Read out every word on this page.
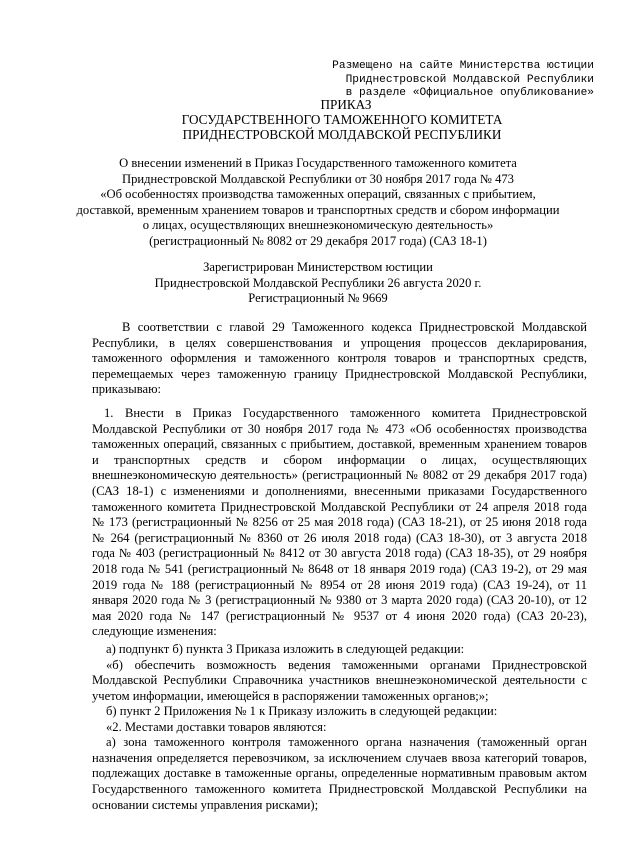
Размещено на сайте Министерства юстиции
Приднестровской Молдавской Республики
в разделе «Официальное опубликование»
ПРИКАЗ
ГОСУДАРСТВЕННОГО ТАМОЖЕННОГО КОМИТЕТА
ПРИДНЕСТРОВСКОЙ МОЛДАВСКОЙ РЕСПУБЛИКИ
О внесении изменений в Приказ Государственного таможенного комитета
Приднестровской Молдавской Республики от 30 ноября 2017 года № 473
«Об особенностях производства таможенных операций, связанных с прибытием,
доставкой, временным хранением товаров и транспортных средств и сбором информации
о лицах, осуществляющих внешнеэкономическую деятельность»
(регистрационный № 8082 от 29 декабря 2017 года) (САЗ 18-1)
Зарегистрирован Министерством юстиции
Приднестровской Молдавской Республики 26 августа 2020 г.
Регистрационный № 9669
В соответствии с главой 29 Таможенного кодекса Приднестровской Молдавской
Республики, в целях совершенствования и упрощения процессов декларирования,
таможенного оформления и таможенного контроля товаров и транспортных средств,
перемещаемых через таможенную границу Приднестровской Молдавской Республики,
приказываю:
1. Внести в Приказ Государственного таможенного комитета Приднестровской
Молдавской Республики от 30 ноября 2017 года № 473 «Об особенностях производства
таможенных операций, связанных с прибытием, доставкой, временным хранением товаров
и транспортных средств и сбором информации о лицах, осуществляющих
внешнеэкономическую деятельность» (регистрационный № 8082 от 29 декабря 2017 года)
(САЗ 18-1) с изменениями и дополнениями, внесенными приказами Государственного
таможенного комитета Приднестровской Молдавской Республики от 24 апреля 2018 года
№ 173 (регистрационный № 8256 от 25 мая 2018 года) (САЗ 18-21), от 25 июня 2018 года
№ 264 (регистрационный № 8360 от 26 июля 2018 года) (САЗ 18-30), от 3 августа 2018
года № 403 (регистрационный № 8412 от 30 августа 2018 года) (САЗ 18-35), от 29 ноября
2018 года № 541 (регистрационный № 8648 от 18 января 2019 года) (САЗ 19-2), от 29 мая
2019 года № 188 (регистрационный № 8954 от 28 июня 2019 года) (САЗ 19-24), от 11
января 2020 года № 3 (регистрационный № 9380 от 3 марта 2020 года) (САЗ 20-10), от 12
мая 2020 года № 147 (регистрационный № 9537 от 4 июня 2020 года) (САЗ 20-23),
следующие изменения:
а) подпункт б) пункта 3 Приказа изложить в следующей редакции:
«б) обеспечить возможность ведения таможенными органами Приднестровской
Молдавской Республики Справочника участников внешнеэкономической деятельности с
учетом информации, имеющейся в распоряжении таможенных органов;»;
б) пункт 2 Приложения № 1 к Приказу изложить в следующей редакции:
«2. Местами доставки товаров являются:
а) зона таможенного контроля таможенного органа назначения (таможенный орган
назначения определяется перевозчиком, за исключением случаев ввоза категорий товаров,
подлежащих доставке в таможенные органы, определенные нормативным правовым актом
Государственного таможенного комитета Приднестровской Молдавской Республики на
основании системы управления рисками);
